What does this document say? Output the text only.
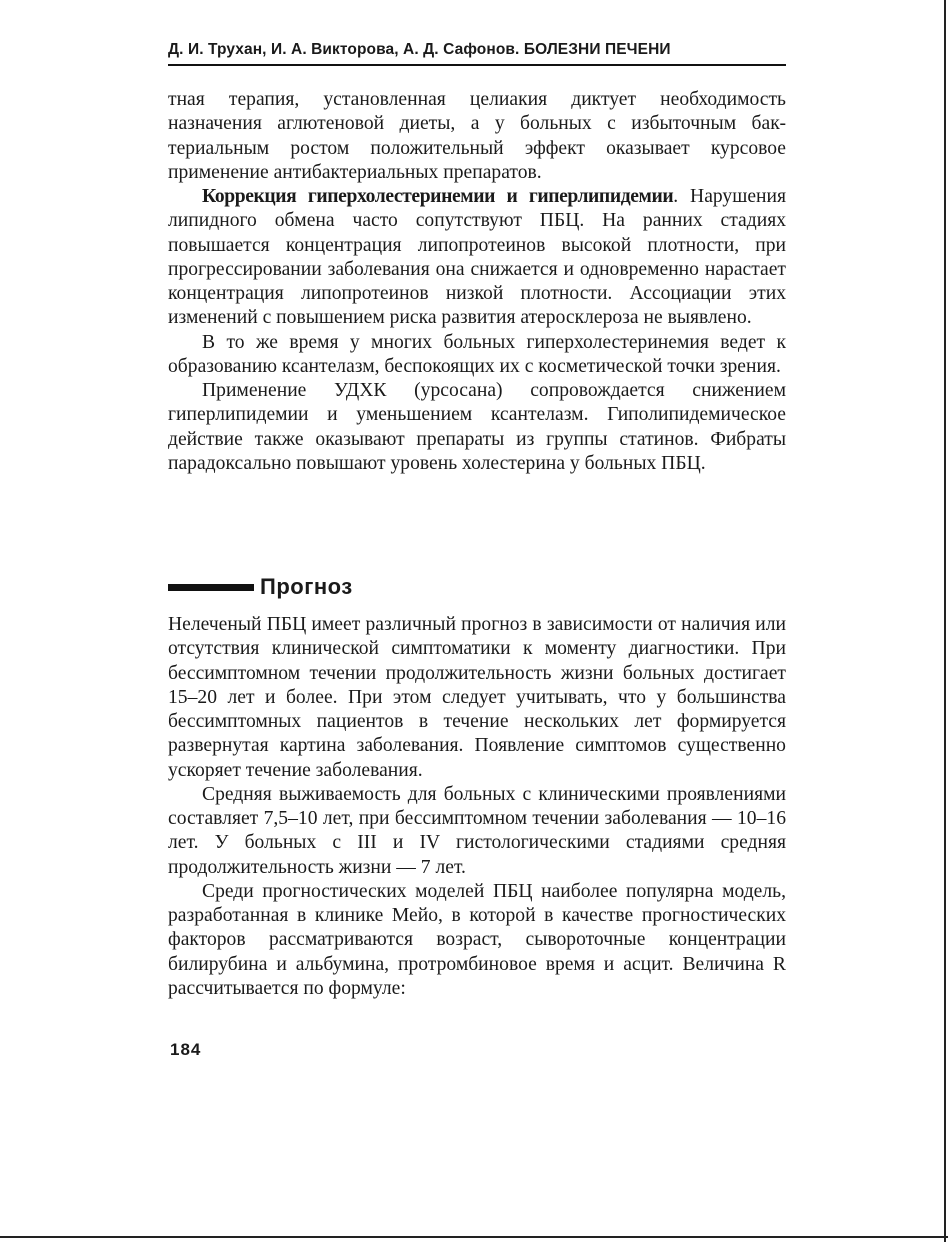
Д. И. Трухан, И. А. Викторова, А. Д. Сафонов. БОЛЕЗНИ ПЕЧЕНИ

тная терапия, установленная целиакия диктует необходимость назначения аглютеновой диеты, а у больных с избыточным бактериальным ростом положительный эффект оказывает курсовое применение антибактериальных препаратов.

Коррекция гиперхолестеринемии и гиперлипидемии. Нарушения липидного обмена часто сопутствуют ПБЦ. На ранних стадиях повышается концентрация липопротеинов высокой плотности, при прогрессировании заболевания она снижается и одновременно нарастает концентрация липопротеинов низкой плотности. Ассоциации этих изменений с повышением риска развития атеросклероза не выявлено.

В то же время у многих больных гиперхолестеринемия ведет к образованию ксантелазм, беспокоящих их с косметической точки зрения.

Применение УДХК (урсосана) сопровождается снижением гиперлипидемии и уменьшением ксантелазм. Гиполипидемическое действие также оказывают препараты из группы статинов. Фибраты парадоксально повышают уровень холестерина у больных ПБЦ.

Прогноз

Нелеченый ПБЦ имеет различный прогноз в зависимости от наличия или отсутствия клинической симптоматики к моменту диагностики. При бессимптомном течении продолжительность жизни больных достигает 15–20 лет и более. При этом следует учитывать, что у большинства бессимптомных пациентов в течение нескольких лет формируется развернутая картина заболевания. Появление симптомов существенно ускоряет течение заболевания.

Средняя выживаемость для больных с клиническими проявлениями составляет 7,5–10 лет, при бессимптомном течении заболевания — 10–16 лет. У больных с III и IV гистологическими стадиями средняя продолжительность жизни — 7 лет.

Среди прогностических моделей ПБЦ наиболее популярна модель, разработанная в клинике Мейо, в которой в качестве прогностических факторов рассматриваются возраст, сывороточные концентрации билирубина и альбумина, протромбиновое время и асцит. Величина R рассчитывается по формуле:

184
